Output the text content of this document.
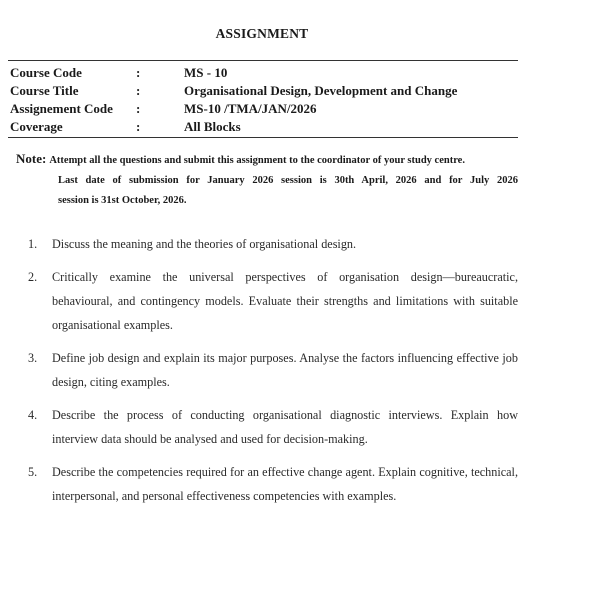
ASSIGNMENT
Course Code	:	MS - 10
Course Title	:	Organisational Design, Development and Change
Assignement Code	:	MS-10 /TMA/JAN/2026
Coverage	:	All Blocks
Note: Attempt all the questions and submit this assignment to the coordinator of your study centre.
Last date of submission for January 2026 session is 30th April, 2026 and for July 2026
session is 31st October, 2026.
1.	Discuss the meaning and the theories of organisational design.
2.	Critically examine the universal perspectives of organisation design—bureaucratic, behavioural, and contingency models. Evaluate their strengths and limitations with suitable organisational examples.
3.	Define job design and explain its major purposes. Analyse the factors influencing effective job design, citing examples.
4.	Describe the process of conducting organisational diagnostic interviews. Explain how interview data should be analysed and used for decision-making.
5.	Describe the competencies required for an effective change agent. Explain cognitive, technical, interpersonal, and personal effectiveness competencies with examples.
